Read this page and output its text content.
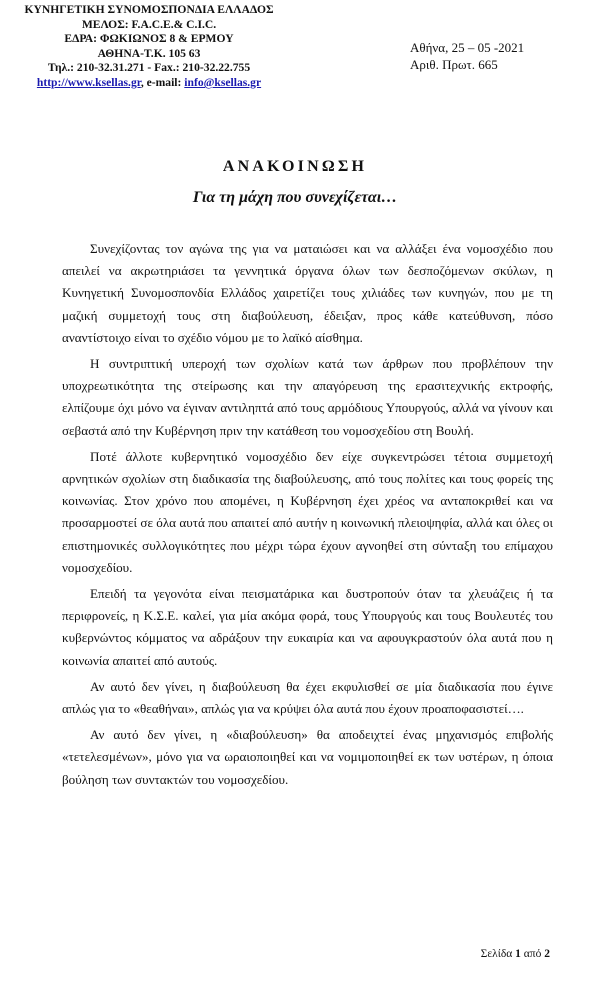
ΚΥΝΗΓΕΤΙΚΗ ΣΥΝΟΜΟΣΠΟΝΔΙΑ ΕΛΛΑΔΟΣ
ΜΕΛΟΣ: F.A.C.E.& C.I.C.
ΕΔΡΑ: ΦΩΚΙΩΝΟΣ 8 & ΕΡΜΟΥ
ΑΘΗΝΑ-Τ.Κ. 105 63
Τηλ.: 210-32.31.271 - Fax.: 210-32.22.755
http://www.ksellas.gr, e-mail: info@ksellas.gr
Αθήνα, 25 – 05 -2021
Αριθ. Πρωτ. 665
ΑΝΑΚΟΙΝΩΣΗ
Για τη μάχη που συνεχίζεται…

Συνεχίζοντας τον αγώνα της για να ματαιώσει και να αλλάξει ένα νομοσχέδιο που απειλεί να ακρωτηριάσει τα γεννητικά όργανα όλων των δεσποζόμενων σκύλων, η Κυνηγετική Συνομοσπονδία Ελλάδος χαιρετίζει τους χιλιάδες των κυνηγών, που με τη μαζική συμμετοχή τους στη διαβούλευση, έδειξαν, προς κάθε κατεύθυνση, πόσο αναντίστοιχο είναι το σχέδιο νόμου με το λαϊκό αίσθημα.

Η συντριπτική υπεροχή των σχολίων κατά των άρθρων που προβλέπουν την υποχρεωτικότητα της στείρωσης και την απαγόρευση της ερασιτεχνικής εκτροφής, ελπίζουμε όχι μόνο να έγιναν αντιληπτά από τους αρμόδιους Υπουργούς, αλλά να γίνουν και σεβαστά από την Κυβέρνηση πριν την κατάθεση του νομοσχεδίου στη Βουλή.

Ποτέ άλλοτε κυβερνητικό νομοσχέδιο δεν είχε συγκεντρώσει τέτοια συμμετοχή αρνητικών σχολίων στη διαδικασία της διαβούλευσης, από τους πολίτες και τους φορείς της κοινωνίας. Στον χρόνο που απομένει, η Κυβέρνηση έχει χρέος να ανταποκριθεί και να προσαρμοστεί σε όλα αυτά που απαιτεί από αυτήν η κοινωνική πλειοψηφία, αλλά και όλες οι επιστημονικές συλλογικότητες που μέχρι τώρα έχουν αγνοηθεί στη σύνταξη του επίμαχου νομοσχεδίου.

Επειδή τα γεγονότα είναι πεισματάρικα και δυστροπούν όταν τα χλευάζεις ή τα περιφρονείς, η Κ.Σ.Ε. καλεί, για μία ακόμα φορά, τους Υπουργούς και τους Βουλευτές του κυβερνώντος κόμματος να αδράξουν την ευκαιρία και να αφουγκραστούν όλα αυτά που η κοινωνία απαιτεί από αυτούς.

Αν αυτό δεν γίνει, η διαβούλευση θα έχει εκφυλισθεί σε μία διαδικασία που έγινε απλώς για το «θεαθήναι», απλώς για να κρύψει όλα αυτά που έχουν προαποφασιστεί….

Αν αυτό δεν γίνει, η «διαβούλευση» θα αποδειχτεί ένας μηχανισμός επιβολής «τετελεσμένων», μόνο για να ωραιοποιηθεί και να νομιμοποιηθεί εκ των υστέρων, η όποια βούληση των συντακτών του νομοσχεδίου.

Σελίδα 1 από 2
